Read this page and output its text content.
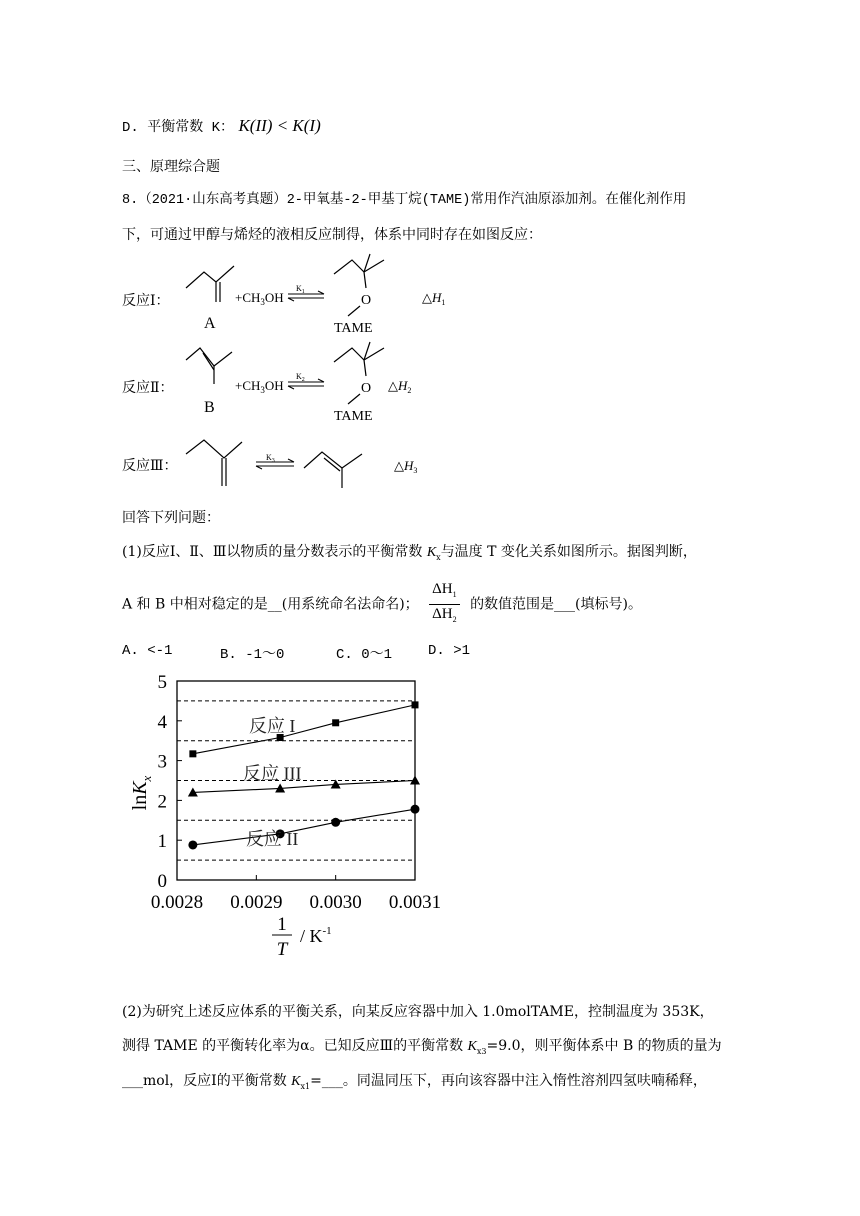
D. 平衡常数 K： K(II) < K(I)
三、原理综合题
8.（2021·山东高考真题）2-甲氧基-2-甲基丁烷(TAME)常用作汽油原添加剂。在催化剂作用
下，可通过甲醇与烯烃的液相反应制得，体系中同时存在如图反应：
反应Ⅰ：
A
$+CH_3OH$
$K_1$
O
TAME
$\triangle H_1$
反应Ⅱ：
B
$+CH_3OH$
$K_2$
O
TAME
$\triangle H_2$
反应Ⅲ：
$K_3$	$\triangle H_3$
回答下列问题：
(1)反应Ⅰ、Ⅱ、Ⅲ以物质的量分数表示的平衡常数 $K_x$与温度 T 变化关系如图所示。据图判断，
A 和 B 中相对稳定的是__(用系统命名法命名)； $\frac{\Delta H_1}{\Delta H_2}$ 的数值范围是___(填标号)。
A. <-1	B. -1～0	C. 0～1	D. >1
0
1
2
3
4
5
0.0028 0.0029 0.0030 0.0031
反应 I
反应 III
反应 II
lnK$_x$
1
T
/ $K^{-1}$
(2)为研究上述反应体系的平衡关系，向某反应容器中加入 1.0molTAME，控制温度为 353K，
测得 TAME 的平衡转化率为α。已知反应Ⅲ的平衡常数 $K_{x3}=9.0$，则平衡体系中 B 的物质的量为
___mol，反应Ⅰ的平衡常数 $K_{x1}=\_\_\_$。同温同压下，再向该容器中注入惰性溶剂四氢呋喃稀释，
